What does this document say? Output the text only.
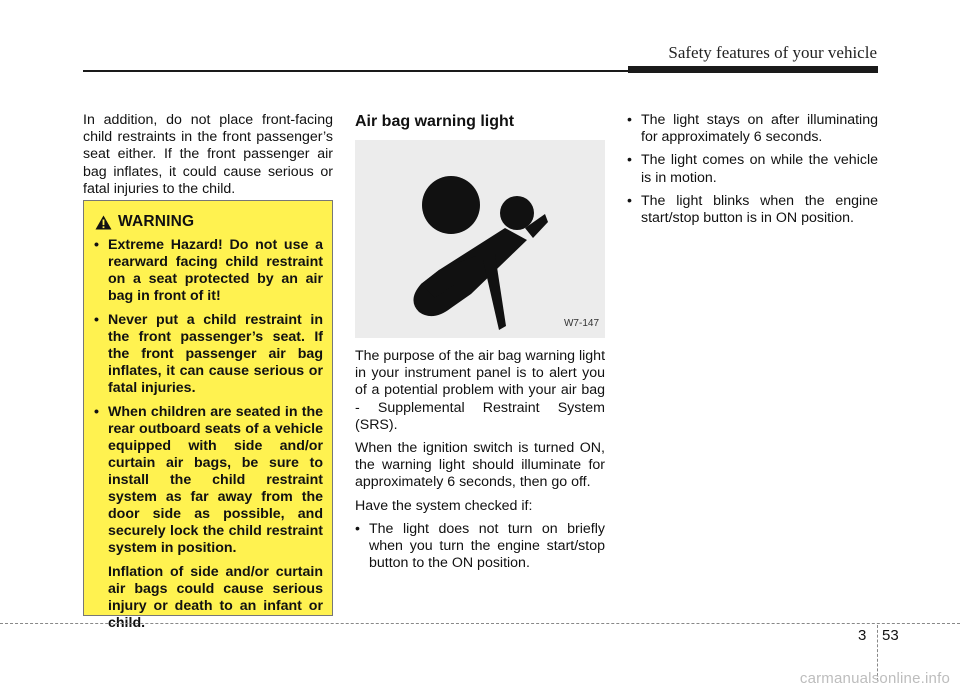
Safety features of your vehicle

In addition, do not place front-facing child restraints in the front passenger’s seat either. If the front passenger air bag inflates, it could cause serious or fatal injuries to the child.

WARNING
• Extreme Hazard! Do not use a rearward facing child restraint on a seat protected by an air bag in front of it!
• Never put a child restraint in the front passenger’s seat. If the front passenger air bag inflates, it can cause serious or fatal injuries.
• When children are seated in the rear outboard seats of a vehicle equipped with side and/or curtain air bags, be sure to install the child restraint system as far away from the door side as possible, and securely lock the child restraint system in position.
Inflation of side and/or curtain air bags could cause serious injury or death to an infant or child.
Air bag warning light
W7-147

The purpose of the air bag warning light in your instrument panel is to alert you of a potential problem with your air bag - Supplemental Restraint System (SRS).

When the ignition switch is turned ON, the warning light should illuminate for approximately 6 seconds, then go off.

Have the system checked if:

• The light does not turn on briefly when you turn the engine start/stop button to the ON position.
• The light stays on after illuminating for approximately 6 seconds.
• The light comes on while the vehicle is in motion.
• The light blinks when the engine start/stop button is in ON position.
3 53
carmanualsonline.info
